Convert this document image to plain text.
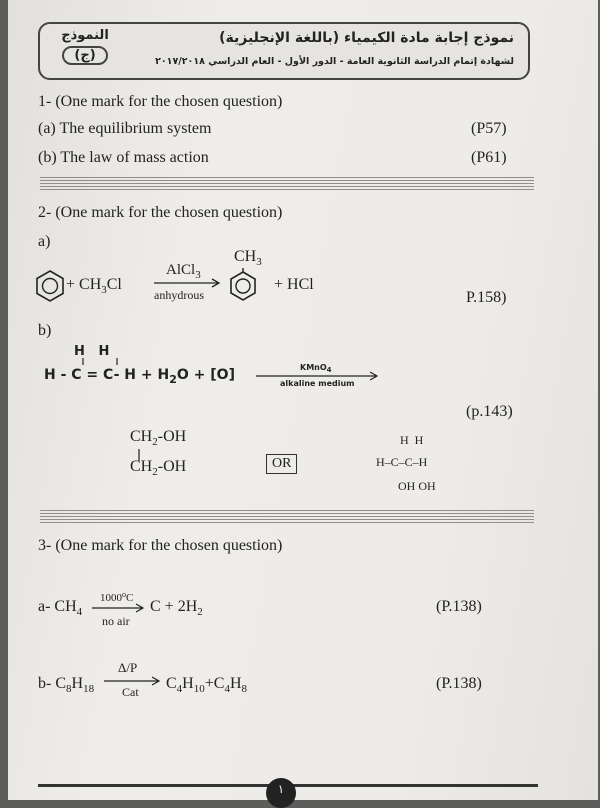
نموذج إجابة مادة الكيمياء (باللغة الإنجليزية)
لشهادة إتمام الدراسة الثانوية العامة - الدور الأول - العام الدراسي ٢٠١٧/٢٠١٨
النموذج
(ج)
1- (One mark for the chosen question)
(a) The equilibrium system	(P57)
(b) The law of mass action	(P61)
2- (One mark for the chosen question)
a)
+ $CH_3Cl$
AlCl$_3$
anhydrous
$CH_3$
+ HCl
P.158)
b)
H   H
H - C = C- $H + H_2O + [O]$	KMnO4
alkaline medium
(p.143)
$CH_2-OH$
$CH_2-OH$	OR
H  H
H–C–C–H
OH OH
3- (One mark for the chosen question)
a- $CH_4$
1000$^o$C
no air
$C + 2H_2$	(P.138)
b- $C_8H_{18}$
Δ/P
Cat $C_4H_{10}+C_4H_8$	(P.138)
١
